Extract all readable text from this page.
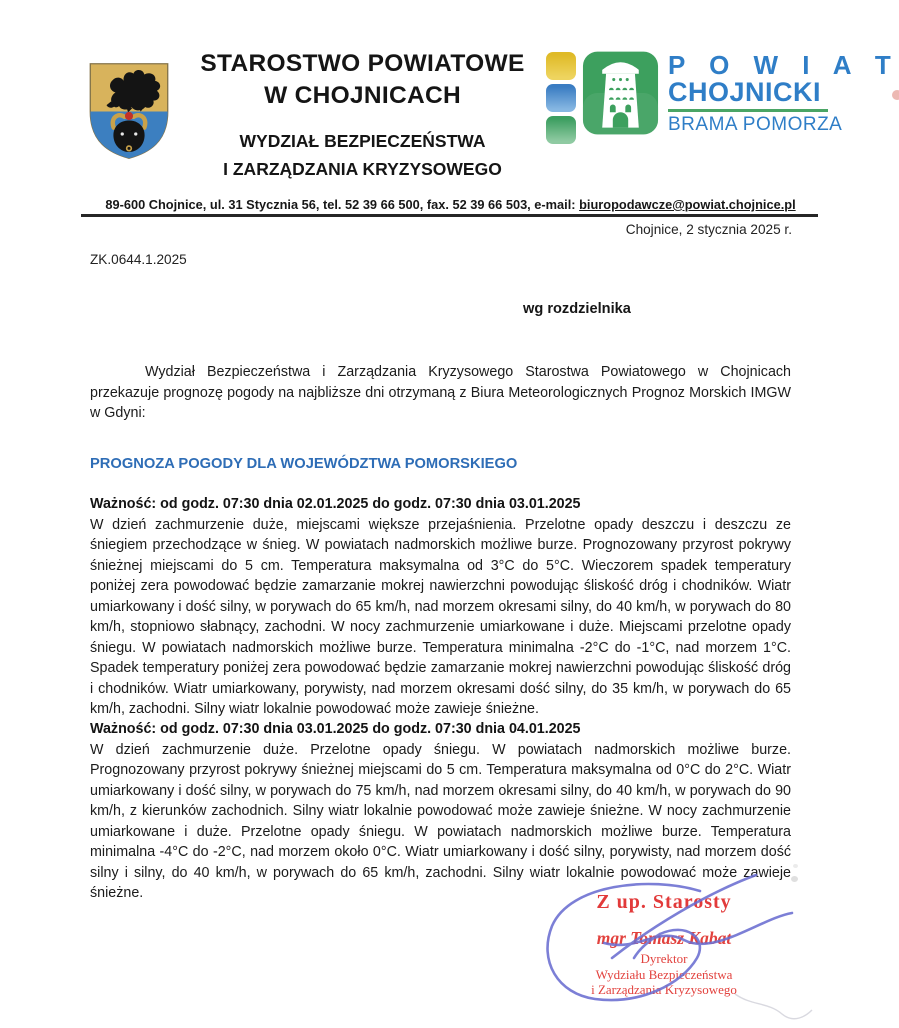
STAROSTWO POWIATOWE
W CHOJNICACH
WYDZIAŁ BEZPIECZEŃSTWA
I ZARZĄDZANIA KRYZYSOWEGO
P O W I A T
CHOJNICKI
BRAMA POMORZA
89-600 Chojnice, ul. 31 Stycznia 56, tel. 52 39 66 500, fax. 52 39 66 503, e-mail: biuropodawcze@powiat.chojnice.pl
Chojnice, 2 stycznia 2025 r.
ZK.0644.1.2025
wg rozdzielnika
Wydział Bezpieczeństwa i Zarządzania Kryzysowego Starostwa Powiatowego w Chojnicach przekazuje prognozę pogody na najbliższe dni otrzymaną z Biura Meteorologicznych Prognoz Morskich IMGW w Gdyni:
PROGNOZA POGODY DLA WOJEWÓDZTWA POMORSKIEGO
Ważność: od godz. 07:30 dnia 02.01.2025 do godz. 07:30 dnia 03.01.2025
W dzień zachmurzenie duże, miejscami większe przejaśnienia. Przelotne opady deszczu i deszczu ze śniegiem przechodzące w śnieg. W powiatach nadmorskich możliwe burze. Prognozowany przyrost pokrywy śnieżnej miejscami do 5 cm. Temperatura maksymalna od 3°C do 5°C. Wieczorem spadek temperatury poniżej zera powodować będzie zamarzanie mokrej nawierzchni powodując śliskość dróg i chodników. Wiatr umiarkowany i dość silny, w porywach do 65 km/h, nad morzem okresami silny, do 40 km/h, w porywach do 80 km/h, stopniowo słabnący, zachodni. W nocy zachmurzenie umiarkowane i duże. Miejscami przelotne opady śniegu. W powiatach nadmorskich możliwe burze. Temperatura minimalna -2°C do -1°C, nad morzem 1°C. Spadek temperatury poniżej zera powodować będzie zamarzanie mokrej nawierzchni powodując śliskość dróg i chodników. Wiatr umiarkowany, porywisty, nad morzem okresami dość silny, do 35 km/h, w porywach do 65 km/h, zachodni. Silny wiatr lokalnie powodować może zawieje śnieżne.
Ważność: od godz. 07:30 dnia 03.01.2025 do godz. 07:30 dnia 04.01.2025
W dzień zachmurzenie duże. Przelotne opady śniegu. W powiatach nadmorskich możliwe burze. Prognozowany przyrost pokrywy śnieżnej miejscami do 5 cm. Temperatura maksymalna od 0°C do 2°C. Wiatr umiarkowany i dość silny, w porywach do 75 km/h, nad morzem okresami silny, do 40 km/h, w porywach do 90 km/h, z kierunków zachodnich. Silny wiatr lokalnie powodować może zawieje śnieżne. W nocy zachmurzenie umiarkowane i duże. Przelotne opady śniegu. W powiatach nadmorskich możliwe burze. Temperatura minimalna -4°C do -2°C, nad morzem około 0°C. Wiatr umiarkowany i dość silny, porywisty, nad morzem dość silny i silny, do 40 km/h, w porywach do 65 km/h, zachodni. Silny wiatr lokalnie powodować może zawieje śnieżne.	Z up. Starosty
mgr Tomasz Kabat
Dyrektor
Wydziału Bezpieczeństwa
i Zarządzania Kryzysowego
